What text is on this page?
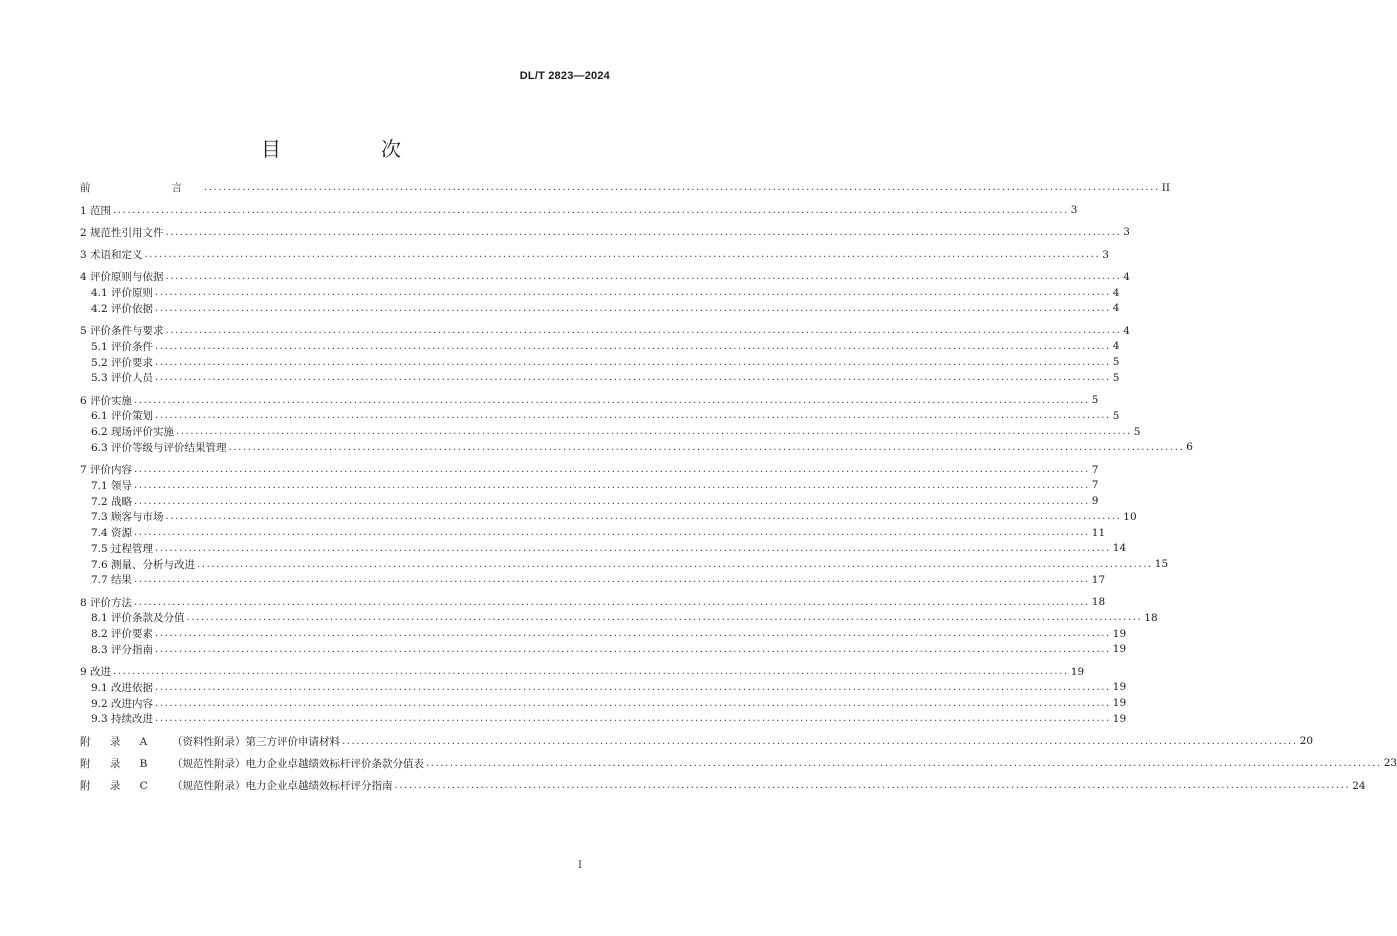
DL/T 2823—2024
目　次
前　　言 ........................................................................................................................................................................................................ II
1 范围 ........................................................................................................................................................................................................ 3
2 规范性引用文件 ........................................................................................................................................................................................................ 3
3 术语和定义 ........................................................................................................................................................................................................ 3
4 评价原则与依据 ........................................................................................................................................................................................................ 4
4.1 评价原则 ........................................................................................................................................................................................................ 4
4.2 评价依据 ........................................................................................................................................................................................................ 4
5 评价条件与要求 ........................................................................................................................................................................................................ 4
5.1 评价条件 ........................................................................................................................................................................................................ 4
5.2 评价要求 ........................................................................................................................................................................................................ 5
5.3 评价人员 ........................................................................................................................................................................................................ 5
6 评价实施 ........................................................................................................................................................................................................ 5
6.1 评价策划 ........................................................................................................................................................................................................ 5
6.2 现场评价实施 ........................................................................................................................................................................................................ 5
6.3 评价等级与评价结果管理 ........................................................................................................................................................................................................ 6
7 评价内容 ........................................................................................................................................................................................................ 7
7.1 领导 ........................................................................................................................................................................................................ 7
7.2 战略 ........................................................................................................................................................................................................ 9
7.3 顾客与市场 ........................................................................................................................................................................................................ 10
7.4 资源 ........................................................................................................................................................................................................ 11
7.5 过程管理 ........................................................................................................................................................................................................ 14
7.6 测量、分析与改进 ........................................................................................................................................................................................................ 15
7.7 结果 ........................................................................................................................................................................................................ 17
8 评价方法 ........................................................................................................................................................................................................ 18
8.1 评价条款及分值 ........................................................................................................................................................................................................ 18
8.2 评价要素 ........................................................................................................................................................................................................ 19
8.3 评分指南 ........................................................................................................................................................................................................ 19
9 改进 ........................................................................................................................................................................................................ 19
9.1 改进依据 ........................................................................................................................................................................................................ 19
9.2 改进内容 ........................................................................................................................................................................................................ 19
9.3 持续改进 ........................................................................................................................................................................................................ 19
附 录 A	（资料性附录）第三方评价申请材料 ........................................................................................................................................................................................................ 20
附 录 B	（规范性附录）电力企业卓越绩效标杆评价条款分值表 ........................................................................................................................................................................................................ 23
附 录 C	（规范性附录）电力企业卓越绩效标杆评分指南 ........................................................................................................................................................................................................ 24
I
